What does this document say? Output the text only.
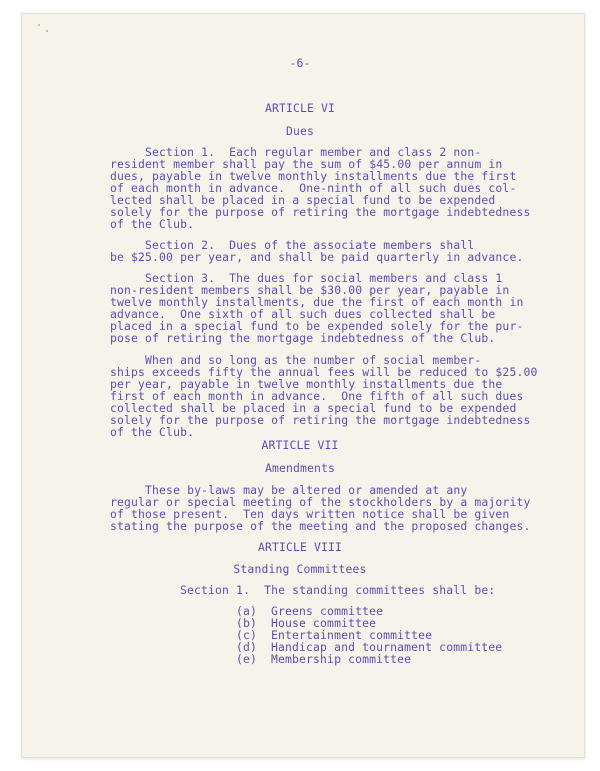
-6-
ARTICLE VI
Dues
Section 1.  Each regular member and class 2 non-
resident member shall pay the sum of $45.00 per annum in
dues, payable in twelve monthly installments due the first
of each month in advance.  One-ninth of all such dues col-
lected shall be placed in a special fund to be expended
solely for the purpose of retiring the mortgage indebtedness
of the Club.
Section 2.  Dues of the associate members shall
be $25.00 per year, and shall be paid quarterly in advance.
Section 3.  The dues for social members and class 1
non-resident members shall be $30.00 per year, payable in
twelve monthly installments, due the first of each month in
advance.  One sixth of all such dues collected shall be
placed in a special fund to be expended solely for the pur-
pose of retiring the mortgage indebtedness of the Club.
When and so long as the number of social member-
ships exceeds fifty the annual fees will be reduced to $25.00
per year, payable in twelve monthly installments due the
first of each month in advance.  One fifth of all such dues
collected shall be placed in a special fund to be expended
solely for the purpose of retiring the mortgage indebtedness
of the Club.
ARTICLE VII
Amendments
These by-laws may be altered or amended at any
regular or special meeting of the stockholders by a majority
of those present.  Ten days written notice shall be given
stating the purpose of the meeting and the proposed changes.
ARTICLE VIII
Standing Committees
Section 1.  The standing committees shall be:
(a) Greens committee
(b) House committee
(c) Entertainment committee
(d) Handicap and tournament committee
(e) Membership committee
